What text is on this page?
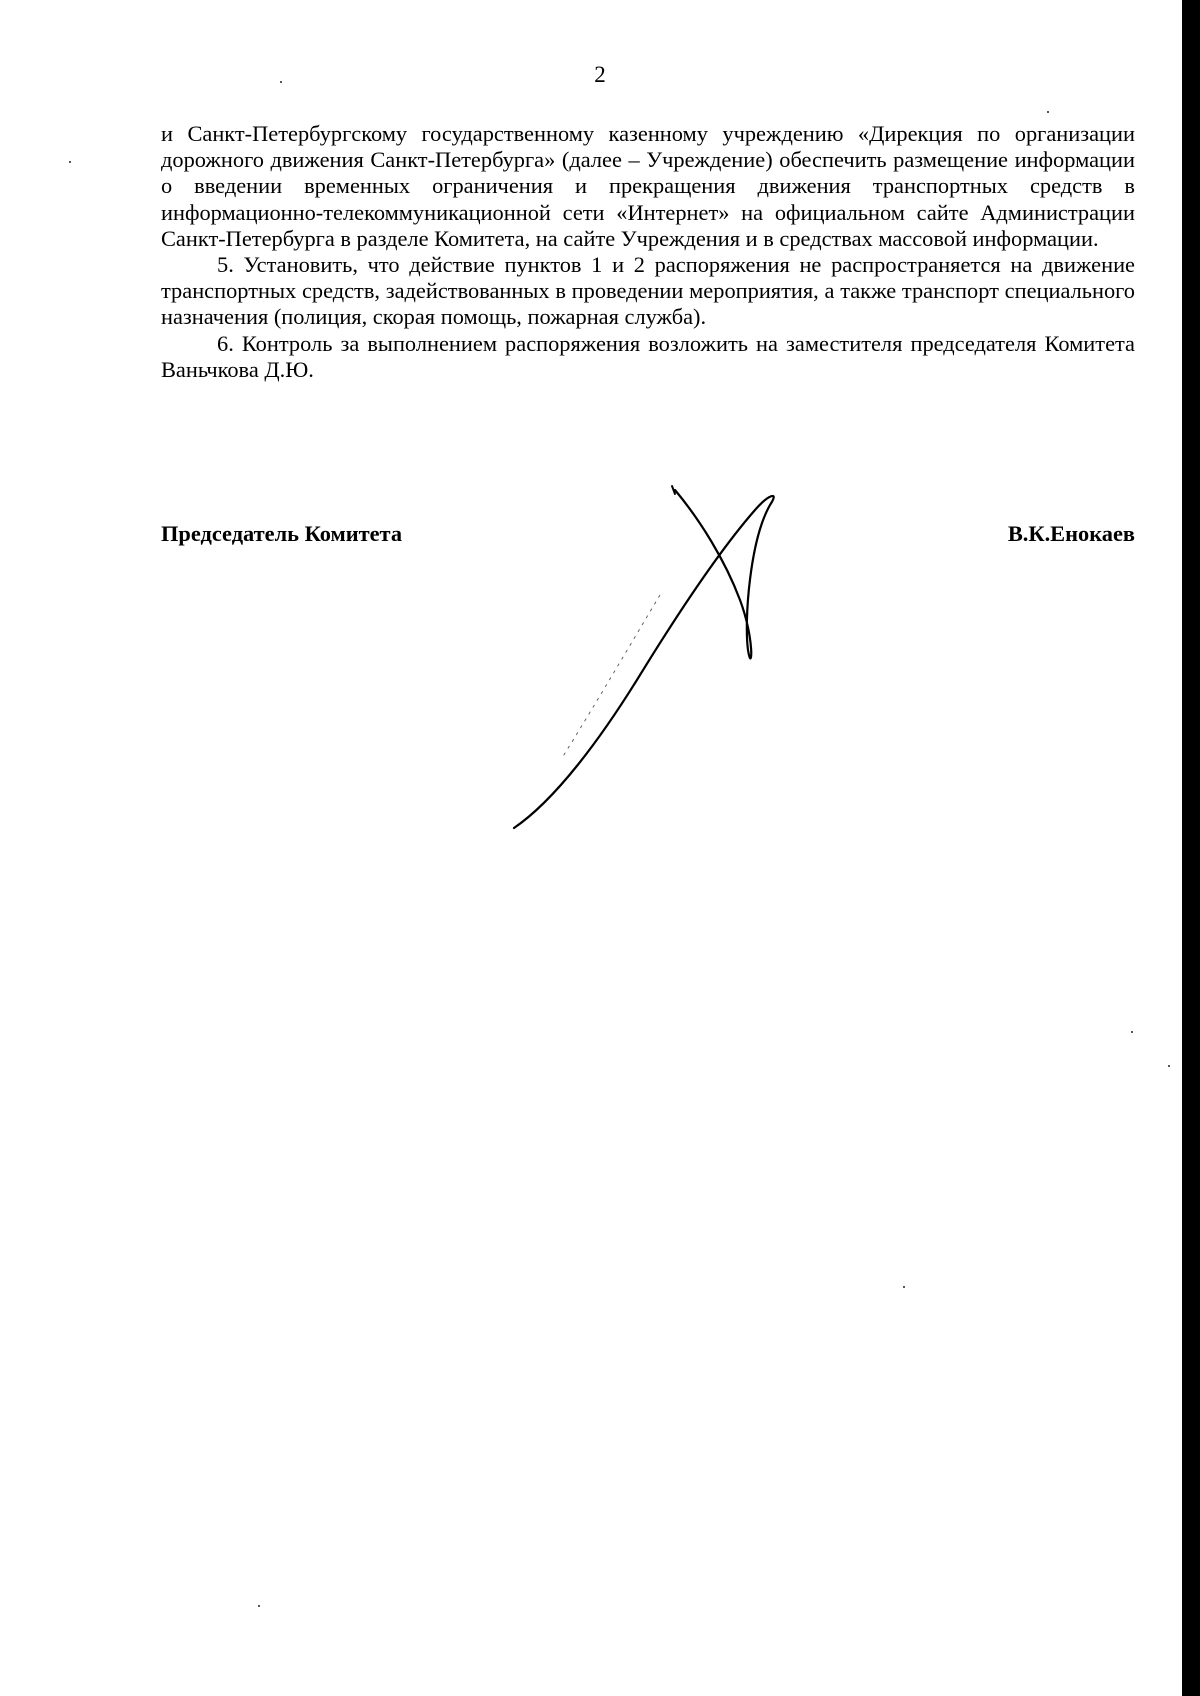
2

и Санкт-Петербургскому государственному казенному учреждению «Дирекция по организации дорожного движения Санкт-Петербурга» (далее – Учреждение) обеспечить размещение информации о введении временных ограничения и прекращения движения транспортных средств в информационно-телекоммуникационной сети «Интернет» на официальном сайте Администрации Санкт-Петербурга в разделе Комитета, на сайте Учреждения и в средствах массовой информации.

5. Установить, что действие пунктов 1 и 2 распоряжения не распространяется на движение транспортных средств, задействованных в проведении мероприятия, а также транспорт специального назначения (полиция, скорая помощь, пожарная служба).

6. Контроль за выполнением распоряжения возложить на заместителя председателя Комитета Ваньчкова Д.Ю.

Председатель Комитета	В.К.Енокаев
